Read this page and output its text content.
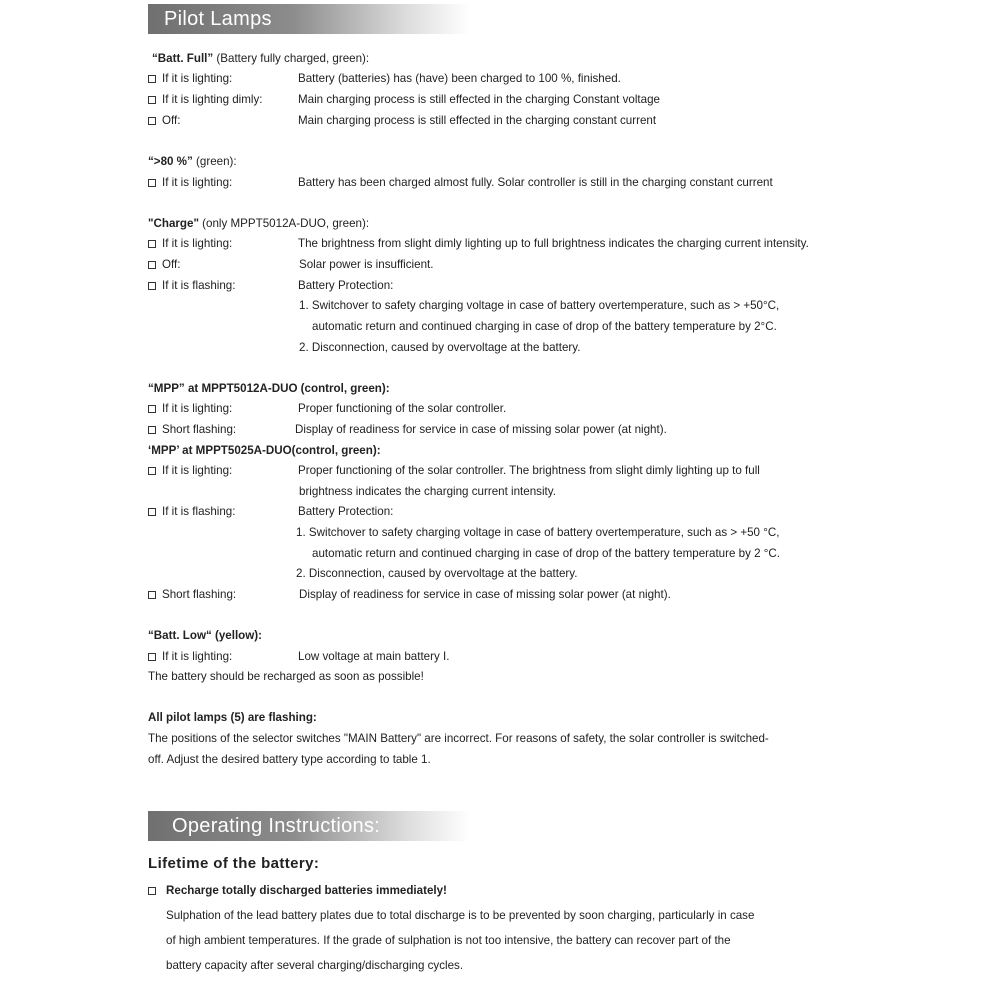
Pilot Lamps
“Batt. Full” (Battery fully charged, green):
If it is lighting:	Battery (batteries) has (have) been charged to 100 %, finished.
If it is lighting dimly:	Main charging process is still effected in the charging Constant voltage
Off:	Main charging process is still effected in the charging constant current
“>80 %” (green):
If it is lighting:	Battery has been charged almost fully. Solar controller is still in the charging constant current
"Charge" (only MPPT5012A-DUO, green):
If it is lighting:	The brightness from slight dimly lighting up to full brightness indicates the charging current intensity.
Off:	Solar power is insufficient.
If it is flashing:	Battery Protection:
1. Switchover to safety charging voltage in case of battery overtemperature, such as > +50°C,
automatic return and continued charging in case of drop of the battery temperature by 2°C.
2. Disconnection, caused by overvoltage at the battery.
“MPP” at MPPT5012A-DUO (control, green):
If it is lighting:	Proper functioning of the solar controller.
Short flashing:	Display of readiness for service in case of missing solar power (at night).
‘MPP’ at MPPT5025A-DUO(control, green):
If it is lighting:	Proper functioning of the solar controller. The brightness from slight dimly lighting up to full
brightness indicates the charging current intensity.
If it is flashing:	Battery Protection:
1. Switchover to safety charging voltage in case of battery overtemperature, such as > +50 °C,
automatic return and continued charging in case of drop of the battery temperature by 2 °C.
2. Disconnection, caused by overvoltage at the battery.
Short flashing:	Display of readiness for service in case of missing solar power (at night).
“Batt. Low“ (yellow):
If it is lighting:	Low voltage at main battery I.
The battery should be recharged as soon as possible!
All pilot lamps (5) are flashing:
The positions of the selector switches "MAIN Battery" are incorrect. For reasons of safety, the solar controller is switched-
off. Adjust the desired battery type according to table 1.
Operating Instructions:
Lifetime of the battery:
Recharge totally discharged batteries immediately!
Sulphation of the lead battery plates due to total discharge is to be prevented by soon charging, particularly in case
of high ambient temperatures. If the grade of sulphation is not too intensive, the battery can recover part of the
battery capacity after several charging/discharging cycles.
